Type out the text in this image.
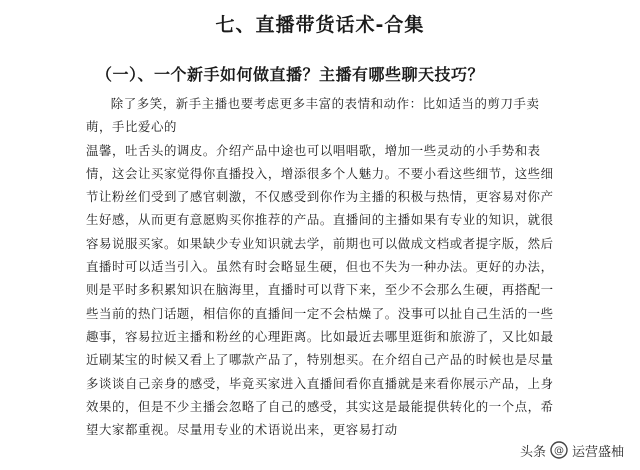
七、直播带货话术-合集
（一）、一个新手如何做直播？主播有哪些聊天技巧？

除了多笑，新手主播也要考虑更多丰富的表情和动作：比如适当的剪刀手卖萌，手比爱心的

温馨，吐舌头的调皮。介绍产品中途也可以唱唱歌，增加一些灵动的小手势和表情，这会让买家觉得你直播投入，增添很多个人魅力。不要小看这些细节，这些细节让粉丝们受到了感官刺激，不仅感受到你作为主播的积极与热情，更容易对你产生好感，从而更有意愿购买你推荐的产品。直播间的主播如果有专业的知识，就很容易说服买家。如果缺少专业知识就去学，前期也可以做成文档或者提字版，然后直播时可以适当引入。虽然有时会略显生硬，但也不失为一种办法。更好的办法，则是平时多积累知识在脑海里，直播时可以背下来，至少不会那么生硬，再搭配一些当前的热门话题，相信你的直播间一定不会枯燥了。没事可以扯自己生活的一些趣事，容易拉近主播和粉丝的心理距离。比如最近去哪里逛街和旅游了，又比如最近刷某宝的时候又看上了哪款产品了，特别想买。在介绍自己产品的时候也是尽量多谈谈自己亲身的感受，毕竟买家进入直播间看你直播就是来看你展示产品，上身效果的，但是不少主播会忽略了自己的感受，其实这是最能提供转化的一个点，希望大家都重视。尽量用专业的术语说出来，更容易打动

头条 @ 运营盛柚
